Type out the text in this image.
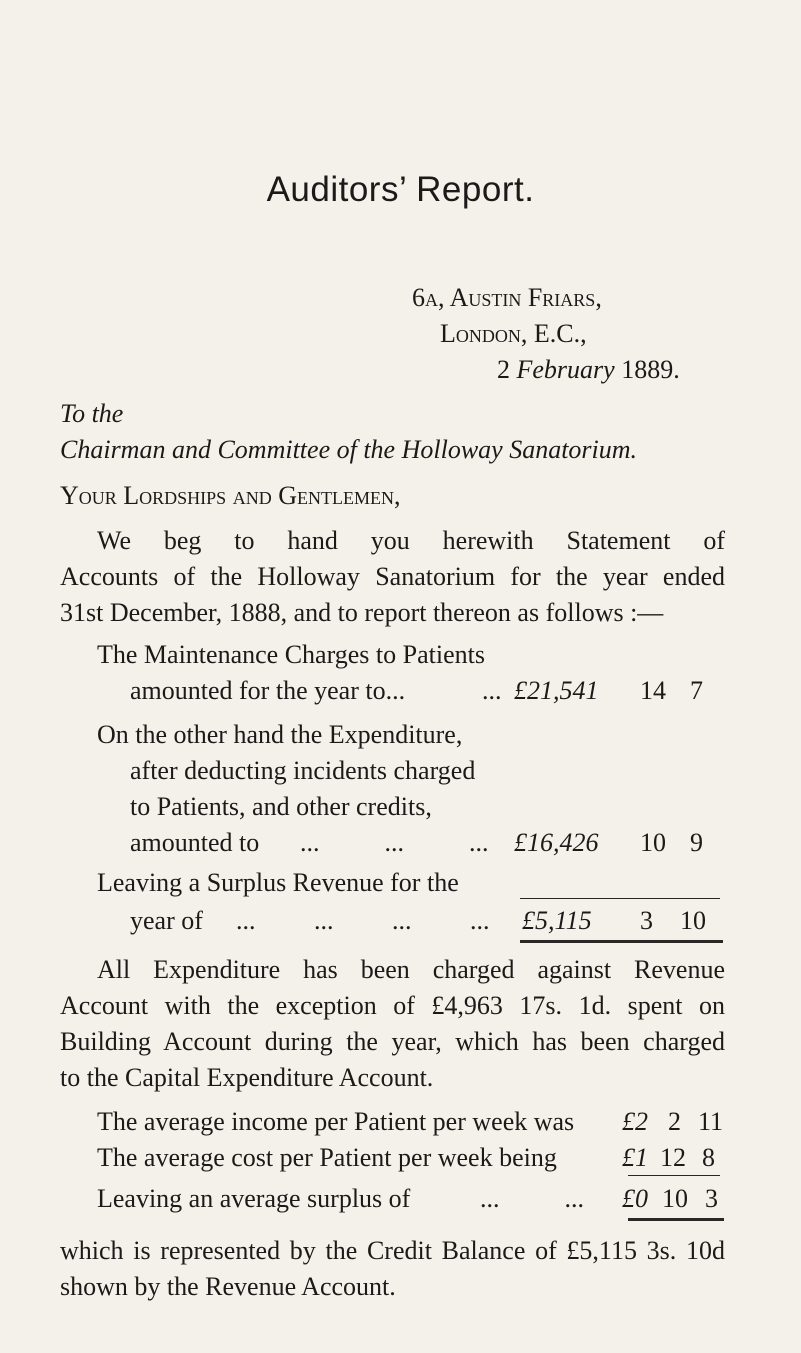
Auditors’ Report.
6a, Austin Friars,
London, E.C.,
2 February 1889.
To the
Chairman and Committee of the Holloway Sanatorium.
Your Lordships and Gentlemen,
We beg to hand you herewith Statement of
Accounts of the Holloway Sanatorium for the year ended
31st December, 1888, and to report thereon as follows :—
The Maintenance Charges to Patients
amounted for the year to...	... £21,541 14 7
On the other hand the Expenditure,
after deducting incidents charged
to Patients, and other credits,
amounted to ...          ...          ... £16,426 10 9
Leaving a Surplus Revenue for the
year of ...         ...         ...         ... £5,115 3 10
All Expenditure has been charged against Revenue
Account with the exception of £4,963 17s. 1d. spent on
Building Account during the year, which has been charged
to the Capital Expenditure Account.
The average income per Patient per week was £2 2 11
The average cost per Patient per week being	£1 12 8
Leaving an average surplus of	...          ... £0 10 3
which is represented by the Credit Balance of £5,115 3s. 10d
shown by the Revenue Account.
